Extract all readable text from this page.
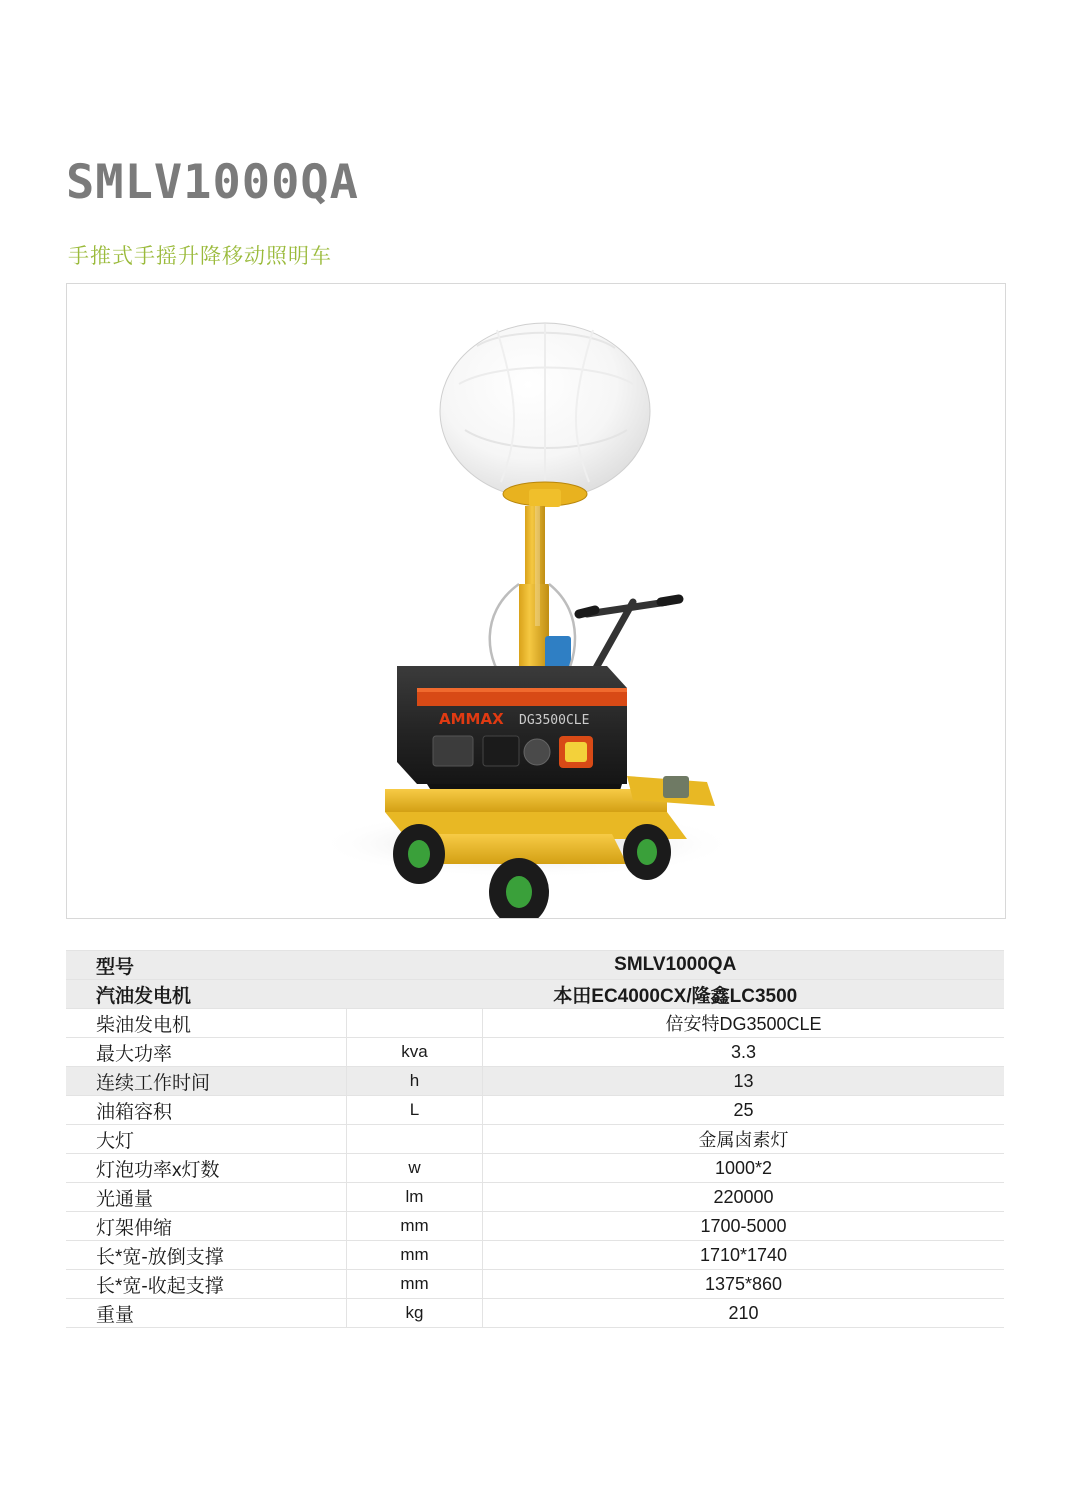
SMLV1000QA
手推式手摇升降移动照明车
AMMAX DG3500CLE
型号	SMLV1000QA	
汽油发电机	本田EC4000CX/隆鑫LC3500	
柴油发电机		倍安特DG3500CLE
最大功率	kva	3.3
连续工作时间	h	13
油箱容积	L	25
大灯		金属卤素灯
灯泡功率x灯数	w	1000*2
光通量	lm	220000
灯架伸缩	mm	1700-5000
长*宽-放倒支撑	mm	1710*1740
长*宽-收起支撑	mm	1375*860
重量	kg	210
